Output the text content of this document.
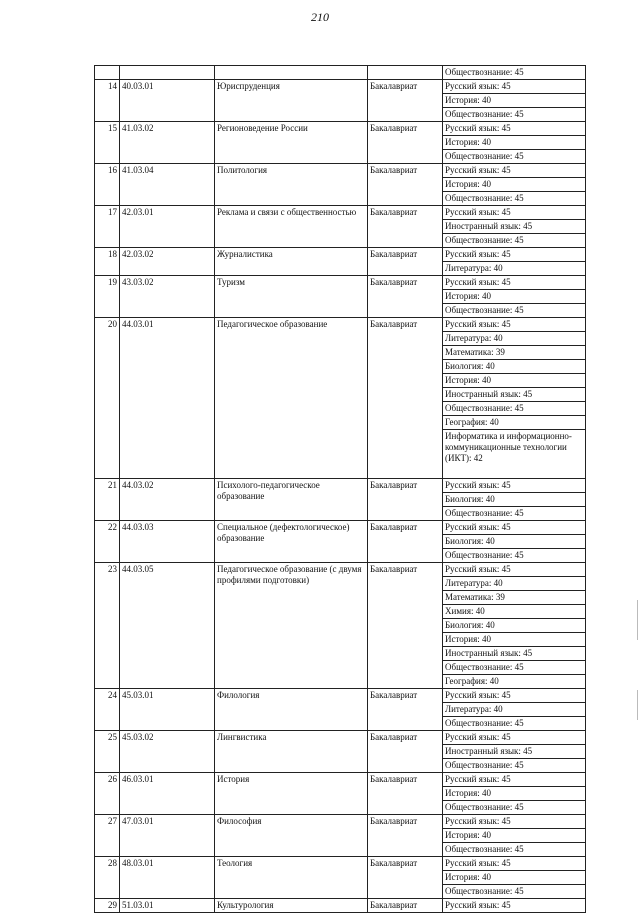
210
				Обществознание: 45
14	40.03.01	Юриспруденция	Бакалавриат	Русский язык: 45
				История: 40
				Обществознание: 45
15	41.03.02	Регионоведение России	Бакалавриат	Русский язык: 45
				История: 40
				Обществознание: 45
16	41.03.04	Политология	Бакалавриат	Русский язык: 45
				История: 40
				Обществознание: 45
17	42.03.01	Реклама и связи с общественностью	Бакалавриат	Русский язык: 45
				Иностранный язык: 45
				Обществознание: 45
18	42.03.02	Журналистика	Бакалавриат	Русский язык: 45
				Литература: 40
19	43.03.02	Туризм	Бакалавриат	Русский язык: 45
				История: 40
				Обществознание: 45
20	44.03.01	Педагогическое образование	Бакалавриат	Русский язык: 45
				Литература: 40
				Математика: 39
				Биология: 40
				История: 40
				Иностранный язык: 45
				Обществознание: 45
				География: 40
				Информатика и информационно-коммуникационные технологии (ИКТ): 42
21	44.03.02	Психолого-педагогическое образование	Бакалавриат	Русский язык: 45
				Биология: 40
				Обществознание: 45
22	44.03.03	Специальное (дефектологическое) образование	Бакалавриат	Русский язык: 45
				Биология: 40
				Обществознание: 45
23	44.03.05	Педагогическое образование (с двумя профилями подготовки)	Бакалавриат	Русский язык: 45
				Литература: 40
				Математика: 39
				Химия: 40
				Биология: 40
				История: 40
				Иностранный язык: 45
				Обществознание: 45
				География: 40
24	45.03.01	Филология	Бакалавриат	Русский язык: 45
				Литература: 40
				Обществознание: 45
25	45.03.02	Лингвистика	Бакалавриат	Русский язык: 45
				Иностранный язык: 45
				Обществознание: 45
26	46.03.01	История	Бакалавриат	Русский язык: 45
				История: 40
				Обществознание: 45
27	47.03.01	Философия	Бакалавриат	Русский язык: 45
				История: 40
				Обществознание: 45
28	48.03.01	Теология	Бакалавриат	Русский язык: 45
				История: 40
				Обществознание: 45
29	51.03.01	Культурология	Бакалавриат	Русский язык: 45
